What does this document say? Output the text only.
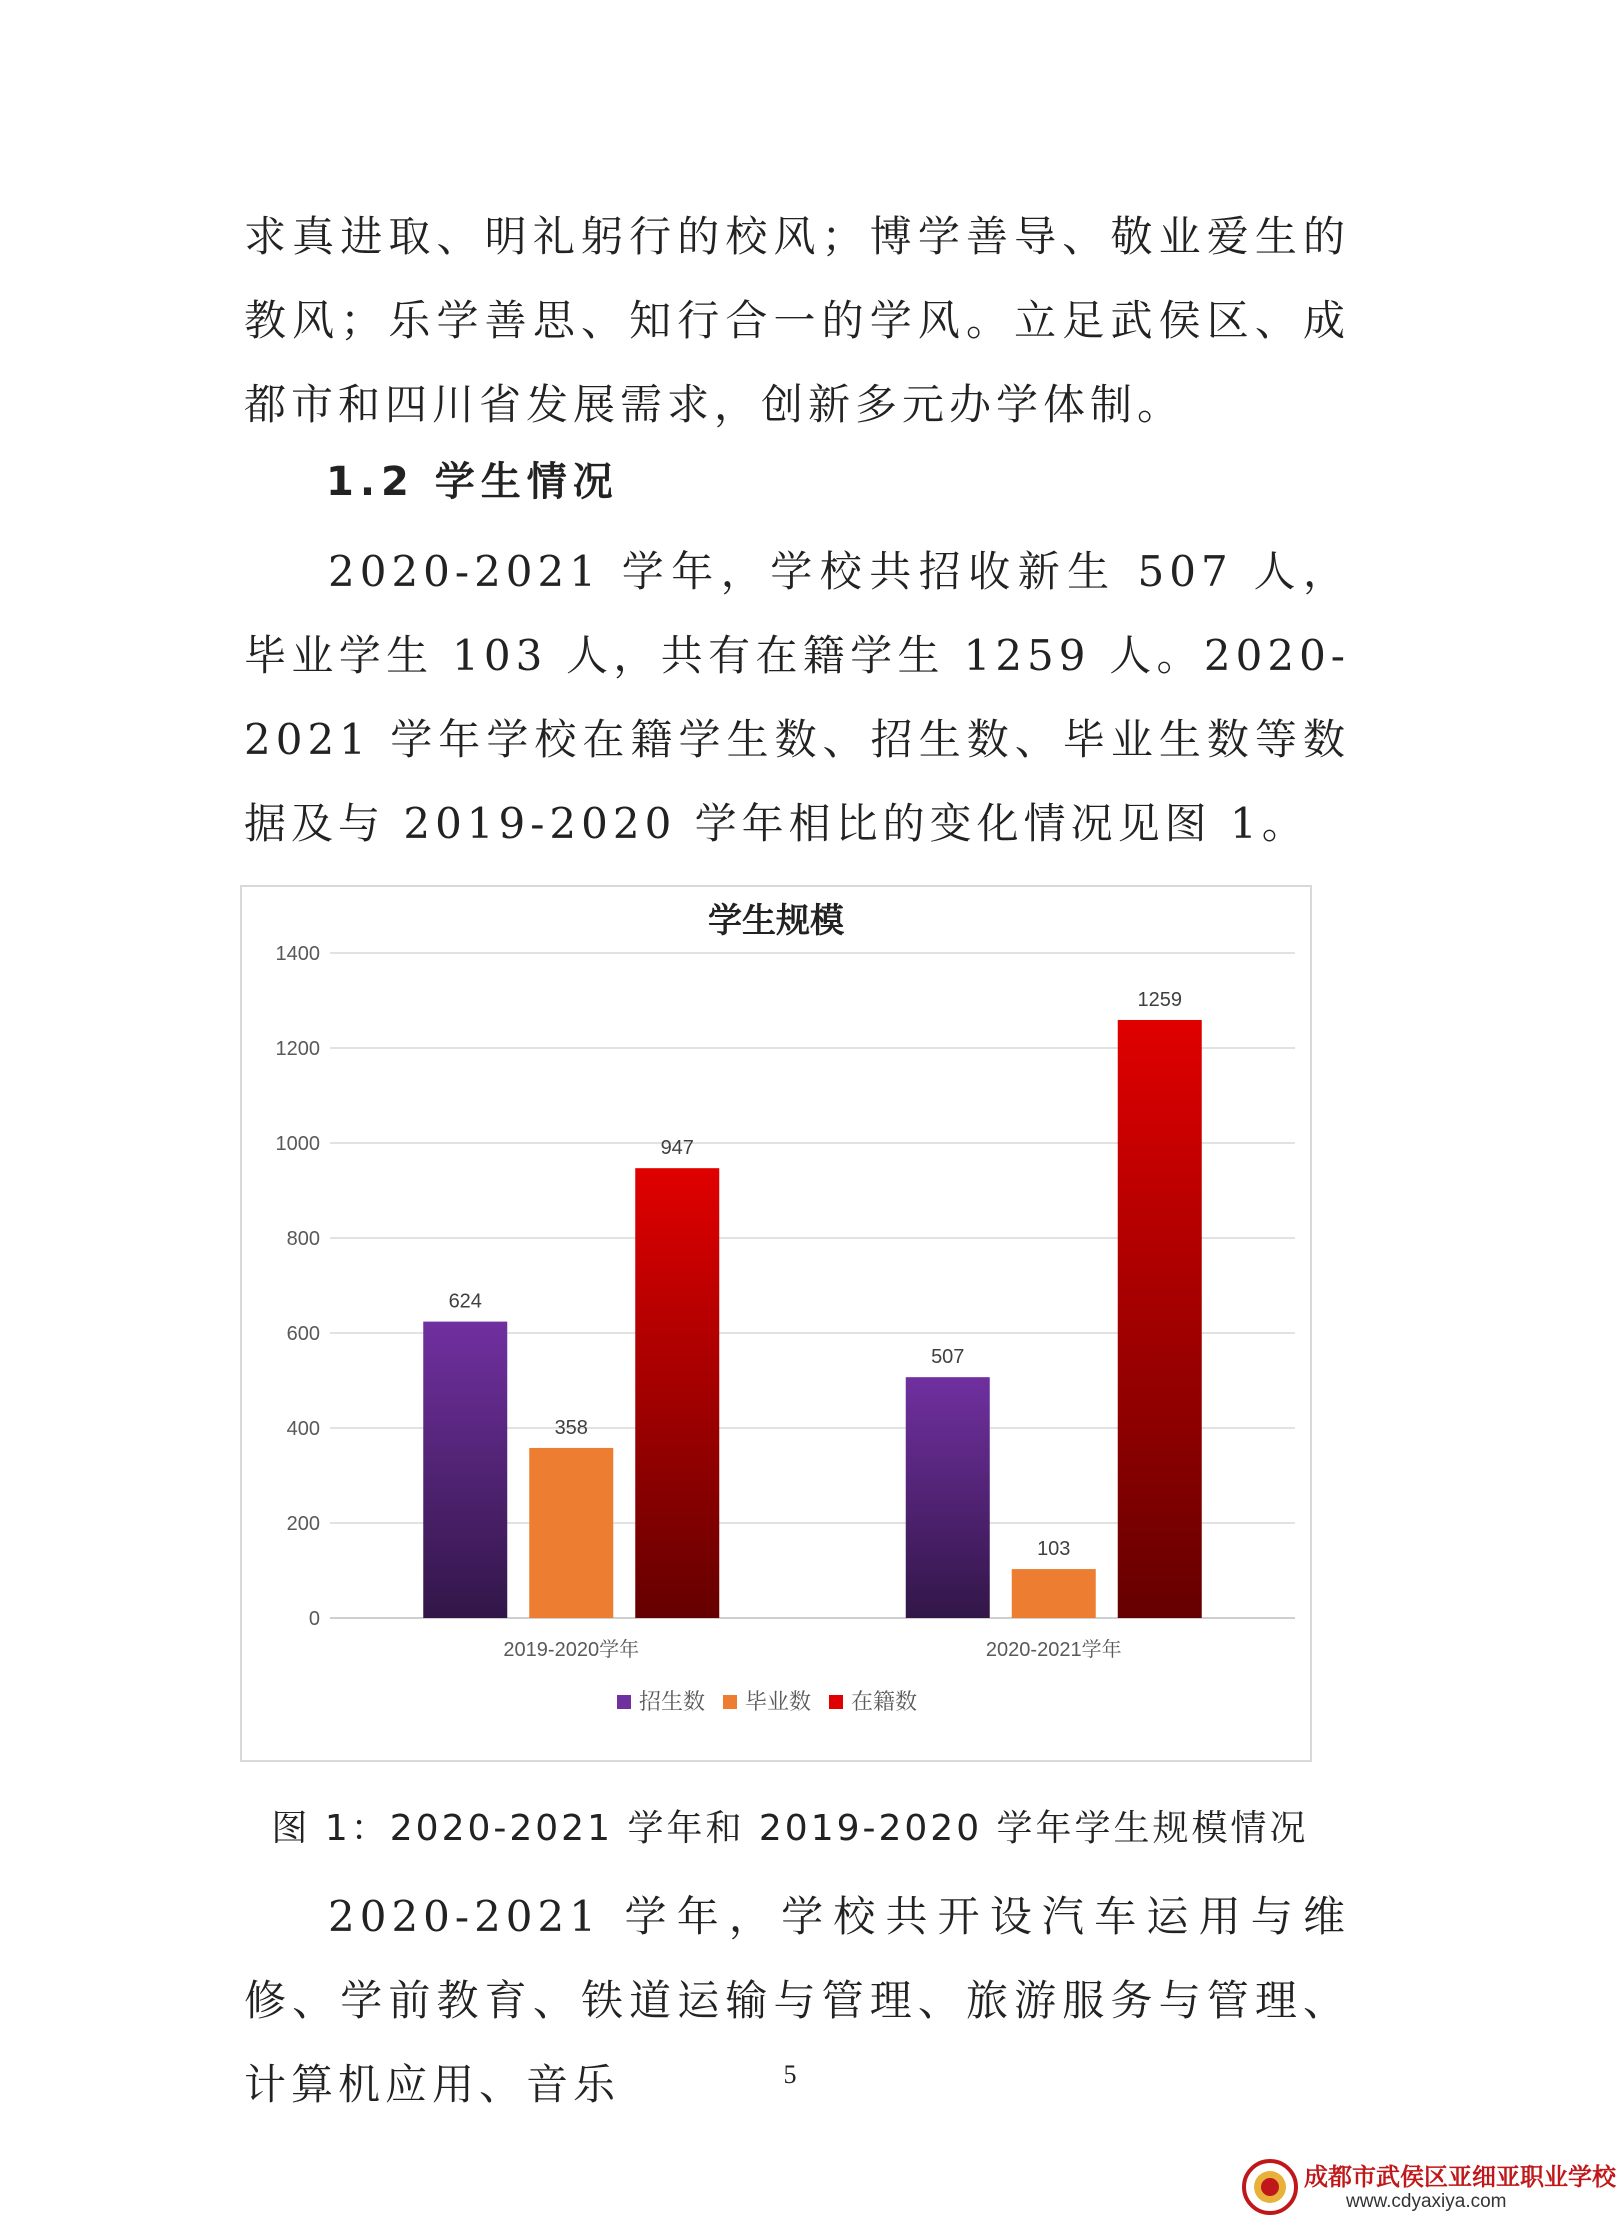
求真进取、明礼躬行的校风；博学善导、敬业爱生的教风；乐学善思、知行合一的学风。立足武侯区、成都市和四川省发展需求，创新多元办学体制。

1.2 学生情况

2020-2021 学年，学校共招收新生 507 人，毕业学生 103 人，共有在籍学生 1259 人。2020-2021 学年学校在籍学生数、招生数、毕业生数等数据及与 2019-2020 学年相比的变化情况见图 1。

0
200
400
600
800
1000
1200
1400
624
358
947
2019-2020学年
507
103
1259
2020-2021学年
学生规模
招生数 毕业数 在籍数
图 1：2020-2021 学年和 2019-2020 学年学生规模情况

2020-2021 学年，学校共开设汽车运用与维修、学前教育、铁道运输与管理、旅游服务与管理、计算机应用、音乐	5
成都市武侯区亚细亚职业学校
www.cdyaxiya.com
